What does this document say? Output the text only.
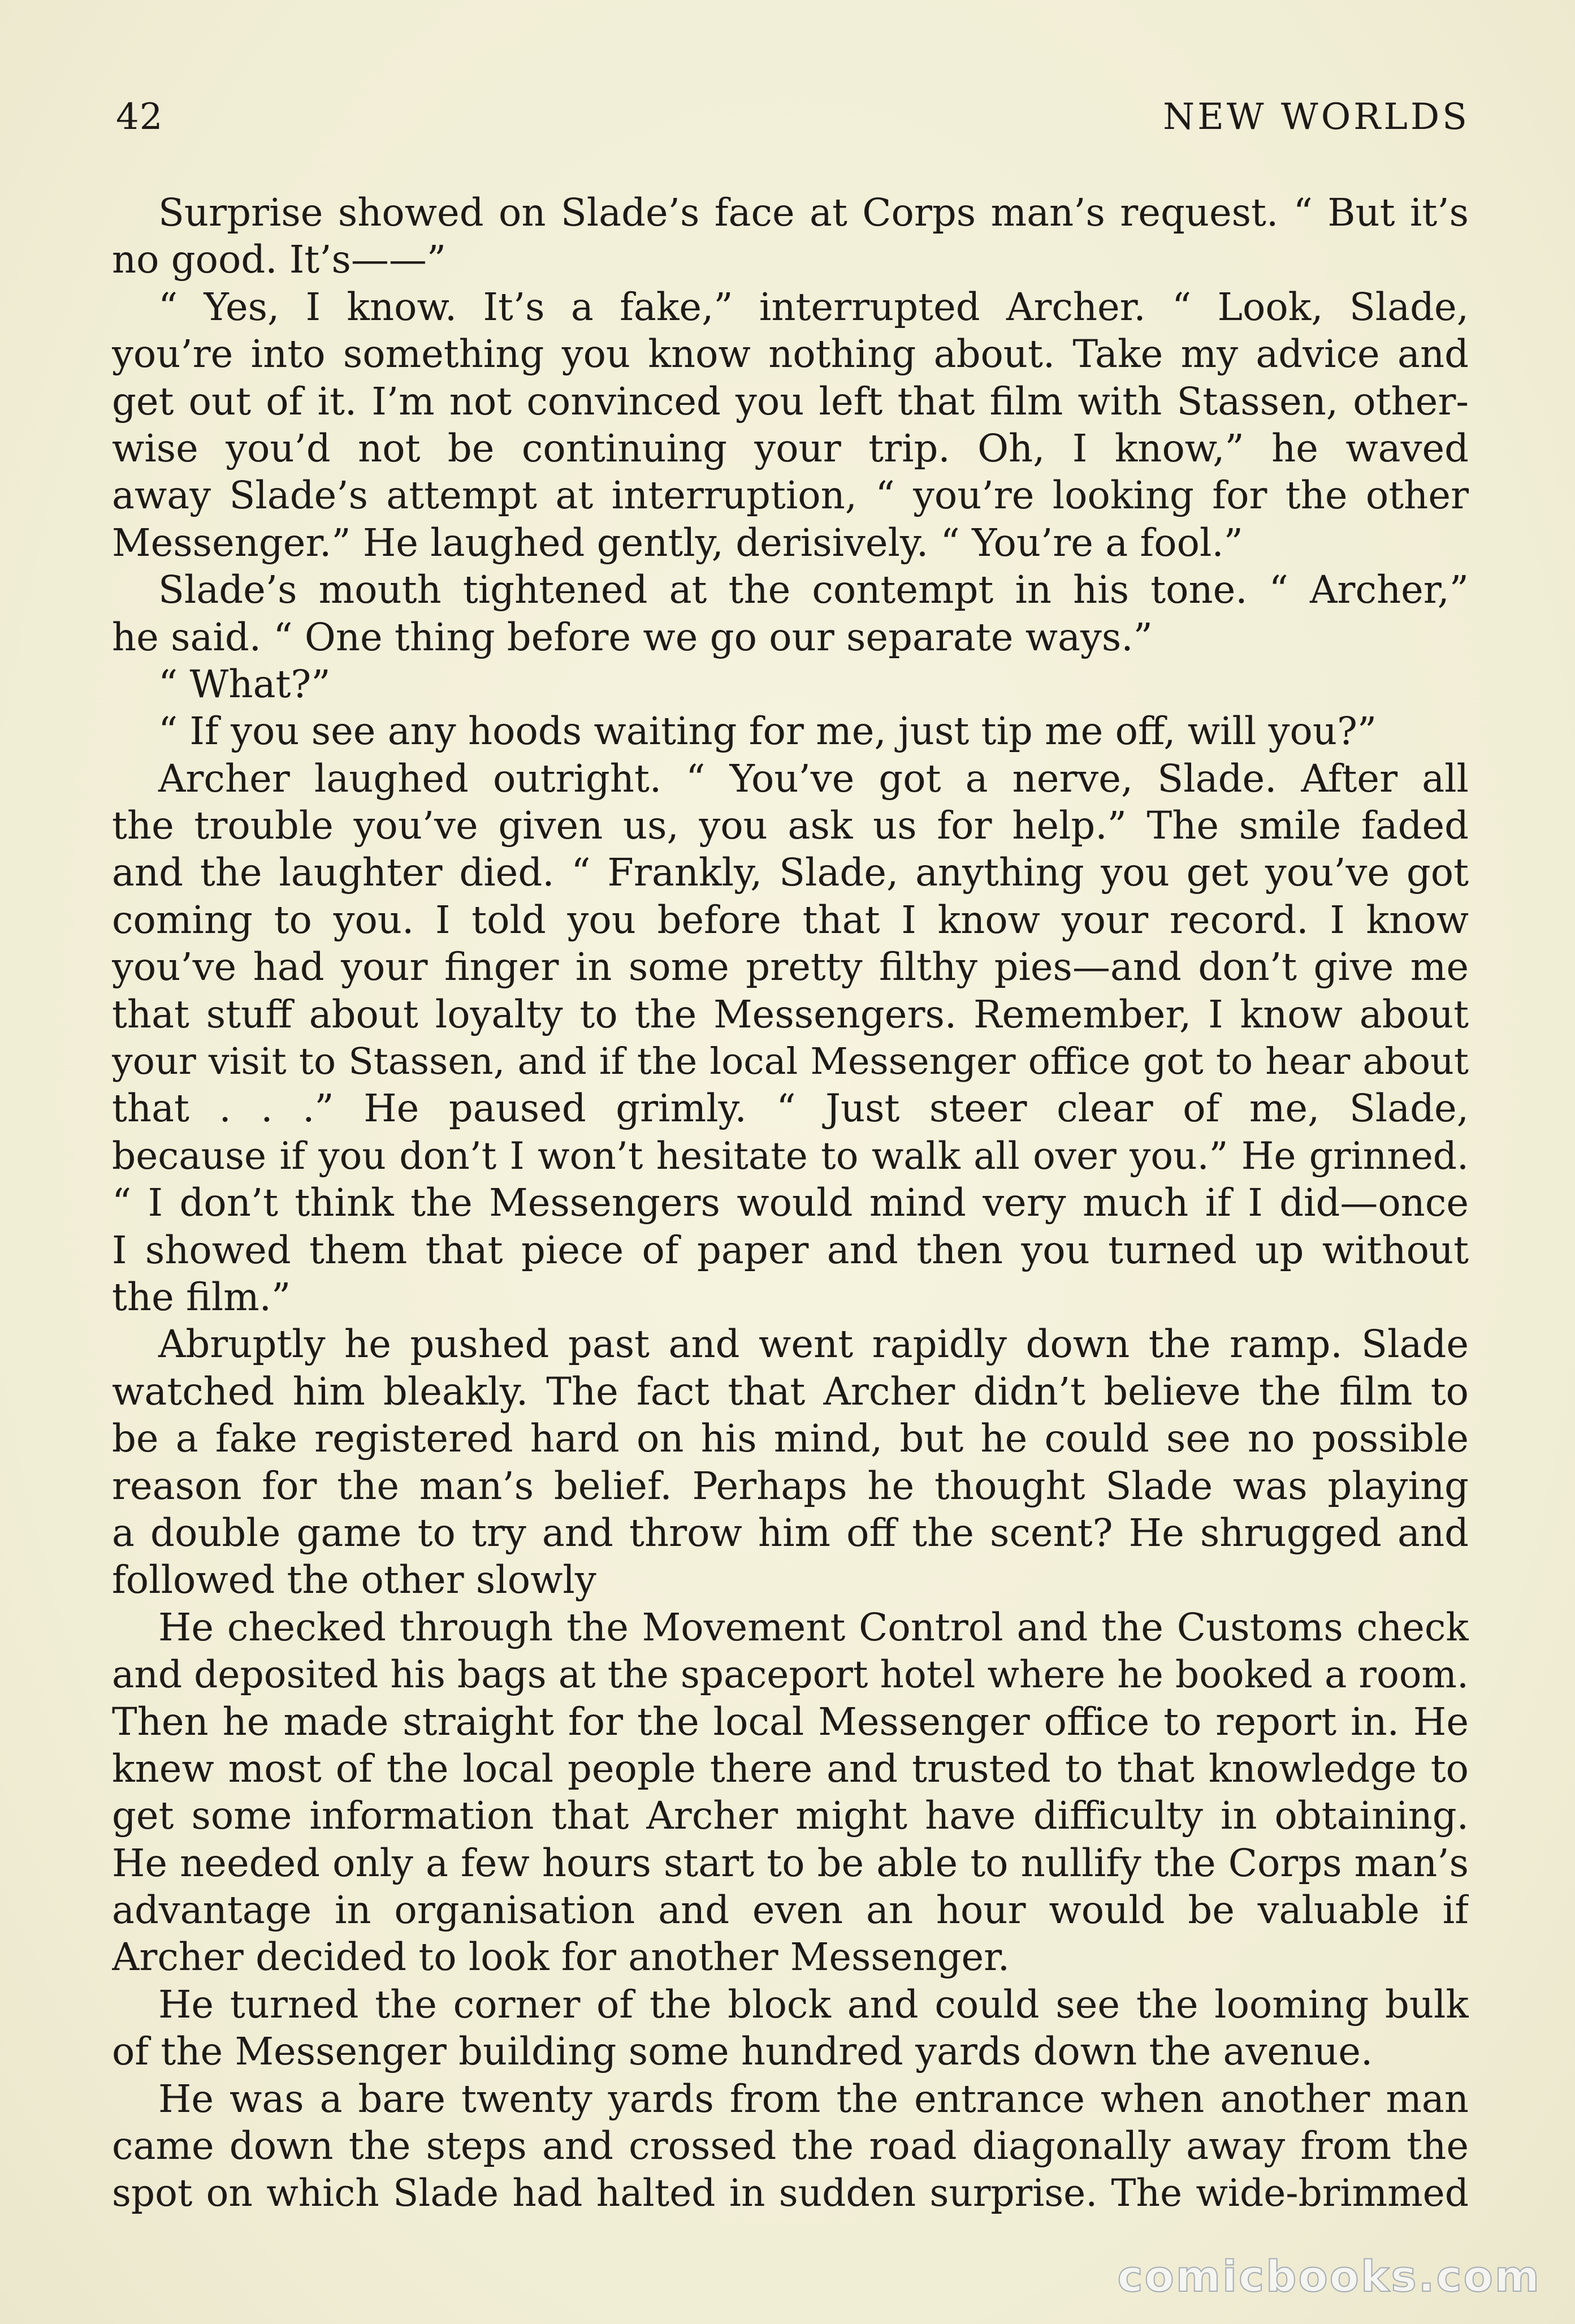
42	NEW WORLDS
Surprise showed on Slade’s face at Corps man’s request. “ But it’s
no good. It’s——”
“ Yes, I know. It’s a fake,” interrupted Archer. “ Look, Slade,
you’re into something you know nothing about. Take my advice and
get out of it. I’m not convinced you left that film with Stassen, other-
wise you’d not be continuing your trip. Oh, I know,” he waved
away Slade’s attempt at interruption, “ you’re looking for the other
Messenger.” He laughed gently, derisively. “ You’re a fool.”
Slade’s mouth tightened at the contempt in his tone. “ Archer,”
he said. “ One thing before we go our separate ways.”
“ What?”
“ If you see any hoods waiting for me, just tip me off, will you?”
Archer laughed outright. “ You’ve got a nerve, Slade. After all
the trouble you’ve given us, you ask us for help.” The smile faded
and the laughter died. “ Frankly, Slade, anything you get you’ve got
coming to you. I told you before that I know your record. I know
you’ve had your finger in some pretty filthy pies—and don’t give me
that stuff about loyalty to the Messengers. Remember, I know about
your visit to Stassen, and if the local Messenger office got to hear about
that . . .” He paused grimly. “ Just steer clear of me, Slade,
because if you don’t I won’t hesitate to walk all over you.” He grinned.
“ I don’t think the Messengers would mind very much if I did—once
I showed them that piece of paper and then you turned up without
the film.”
Abruptly he pushed past and went rapidly down the ramp. Slade
watched him bleakly. The fact that Archer didn’t believe the film to
be a fake registered hard on his mind, but he could see no possible
reason for the man’s belief. Perhaps he thought Slade was playing
a double game to try and throw him off the scent? He shrugged and
followed the other slowly
He checked through the Movement Control and the Customs check
and deposited his bags at the spaceport hotel where he booked a room.
Then he made straight for the local Messenger office to report in. He
knew most of the local people there and trusted to that knowledge to
get some information that Archer might have difficulty in obtaining.
He needed only a few hours start to be able to nullify the Corps man’s
advantage in organisation and even an hour would be valuable if
Archer decided to look for another Messenger.
He turned the corner of the block and could see the looming bulk
of the Messenger building some hundred yards down the avenue.
He was a bare twenty yards from the entrance when another man
came down the steps and crossed the road diagonally away from the
spot on which Slade had halted in sudden surprise. The wide-brimmed
comicbooks.com
